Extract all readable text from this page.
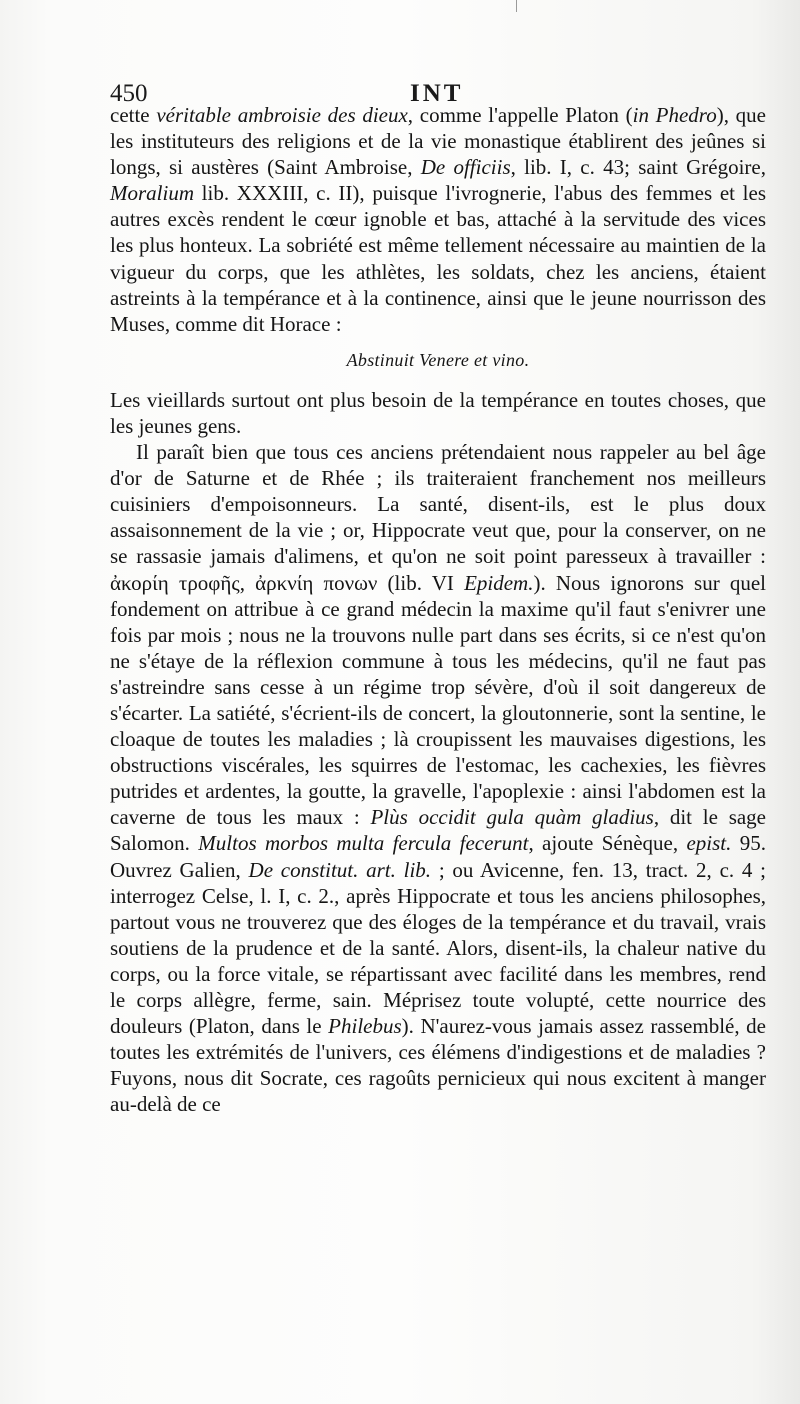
450	INT

cette véritable ambroisie des dieux, comme l'appelle Platon (in Phedro), que les instituteurs des religions et de la vie monastique établirent des jeûnes si longs, si austères (Saint Ambroise, De officiis, lib. I, c. 43; saint Grégoire, Moralium lib. XXXIII, c. II), puisque l'ivrognerie, l'abus des femmes et les autres excès rendent le cœur ignoble et bas, attaché à la servitude des vices les plus honteux. La sobriété est même tellement nécessaire au maintien de la vigueur du corps, que les athlètes, les soldats, chez les anciens, étaient astreints à la tempérance et à la continence, ainsi que le jeune nourrisson des Muses, comme dit Horace :

Abstinuit Venere et vino.

Les vieillards surtout ont plus besoin de la tempérance en toutes choses, que les jeunes gens.

Il paraît bien que tous ces anciens prétendaient nous rappeler au bel âge d'or de Saturne et de Rhée ; ils traiteraient franchement nos meilleurs cuisiniers d'empoisonneurs. La santé, disent-ils, est le plus doux assaisonnement de la vie ; or, Hippocrate veut que, pour la conserver, on ne se rassasie jamais d'alimens, et qu'on ne soit point paresseux à travailler : ἀκορίη τροφῆς, ἀρκνίη πονων (lib. VI Epidem.). Nous ignorons sur quel fondement on attribue à ce grand médecin la maxime qu'il faut s'enivrer une fois par mois ; nous ne la trouvons nulle part dans ses écrits, si ce n'est qu'on ne s'étaye de la réflexion commune à tous les médecins, qu'il ne faut pas s'astreindre sans cesse à un régime trop sévère, d'où il soit dangereux de s'écarter. La satiété, s'écrient-ils de concert, la gloutonnerie, sont la sentine, le cloaque de toutes les maladies ; là croupissent les mauvaises digestions, les obstructions viscérales, les squirres de l'estomac, les cachexies, les fièvres putrides et ardentes, la goutte, la gravelle, l'apoplexie : ainsi l'abdomen est la caverne de tous les maux : Plùs occidit gula quàm gladius, dit le sage Salomon. Multos morbos multa fercula fecerunt, ajoute Sénèque, epist. 95. Ouvrez Galien, De constitut. art. lib. ; ou Avicenne, fen. 13, tract. 2, c. 4 ; interrogez Celse, l. I, c. 2., après Hippocrate et tous les anciens philosophes, partout vous ne trouverez que des éloges de la tempérance et du travail, vrais soutiens de la prudence et de la santé. Alors, disent-ils, la chaleur native du corps, ou la force vitale, se répartissant avec facilité dans les membres, rend le corps allègre, ferme, sain. Méprisez toute volupté, cette nourrice des douleurs (Platon, dans le Philebus). N'aurez-vous jamais assez rassemblé, de toutes les extrémités de l'univers, ces élémens d'indigestions et de maladies ? Fuyons, nous dit Socrate, ces ragoûts pernicieux qui nous excitent à manger au-delà de ce
